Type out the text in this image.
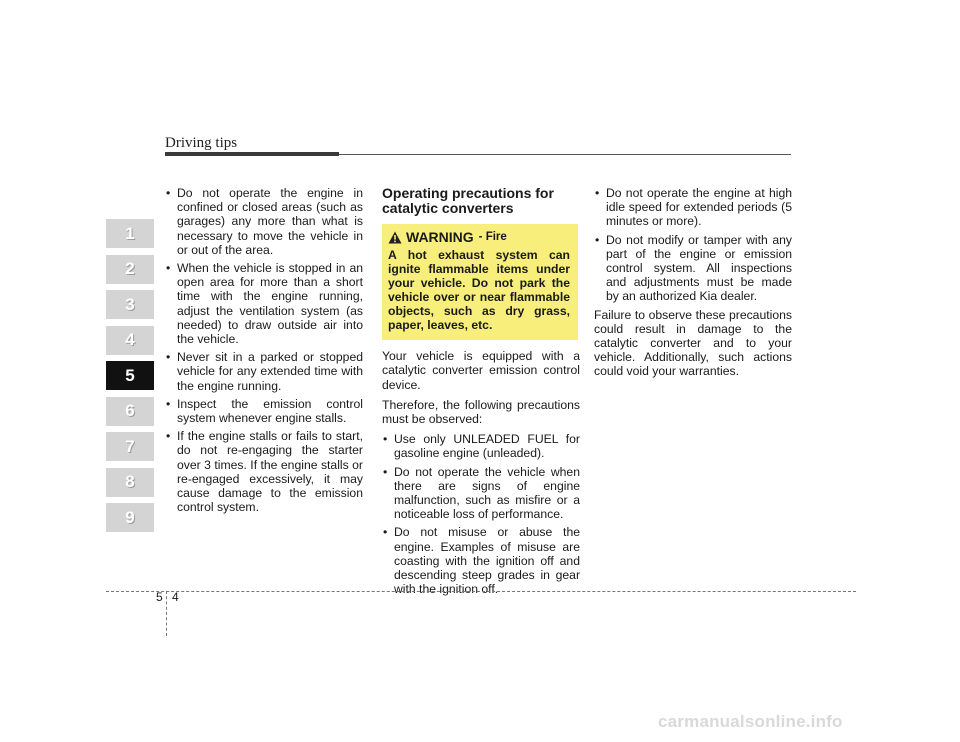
Driving tips
1
2
3
4
5
6
7
8
9
• Do not operate the engine in confined or closed areas (such as garages) any more than what is necessary to move the vehicle in or out of the area.
• When the vehicle is stopped in an open area for more than a short time with the engine running, adjust the ventilation system (as needed) to draw outside air into the vehicle.
• Never sit in a parked or stopped vehicle for any extended time with the engine running.
• Inspect the emission control system whenever engine stalls.
• If the engine stalls or fails to start, do not re-engaging the starter over 3 times. If the engine stalls or re-engaged excessively, it may cause damage to the emission control system.
Operating precautions for catalytic converters
WARNING - Fire
A hot exhaust system can ignite flammable items under your vehicle. Do not park the vehicle over or near flammable objects, such as dry grass, paper, leaves, etc.

Your vehicle is equipped with a catalytic converter emission control device.

Therefore, the following precautions must be observed:

• Use only UNLEADED FUEL for gasoline engine (unleaded).
• Do not operate the vehicle when there are signs of engine malfunction, such as misfire or a noticeable loss of performance.
• Do not misuse or abuse the engine. Examples of misuse are coasting with the ignition off and descending steep grades in gear with the ignition off.
• Do not operate the engine at high idle speed for extended periods (5 minutes or more).
• Do not modify or tamper with any part of the engine or emission control system. All inspections and adjustments must be made by an authorized Kia dealer.

Failure to observe these precautions could result in damage to the catalytic converter and to your vehicle. Additionally, such actions could void your warranties.

5 4
carmanualsonline.info
